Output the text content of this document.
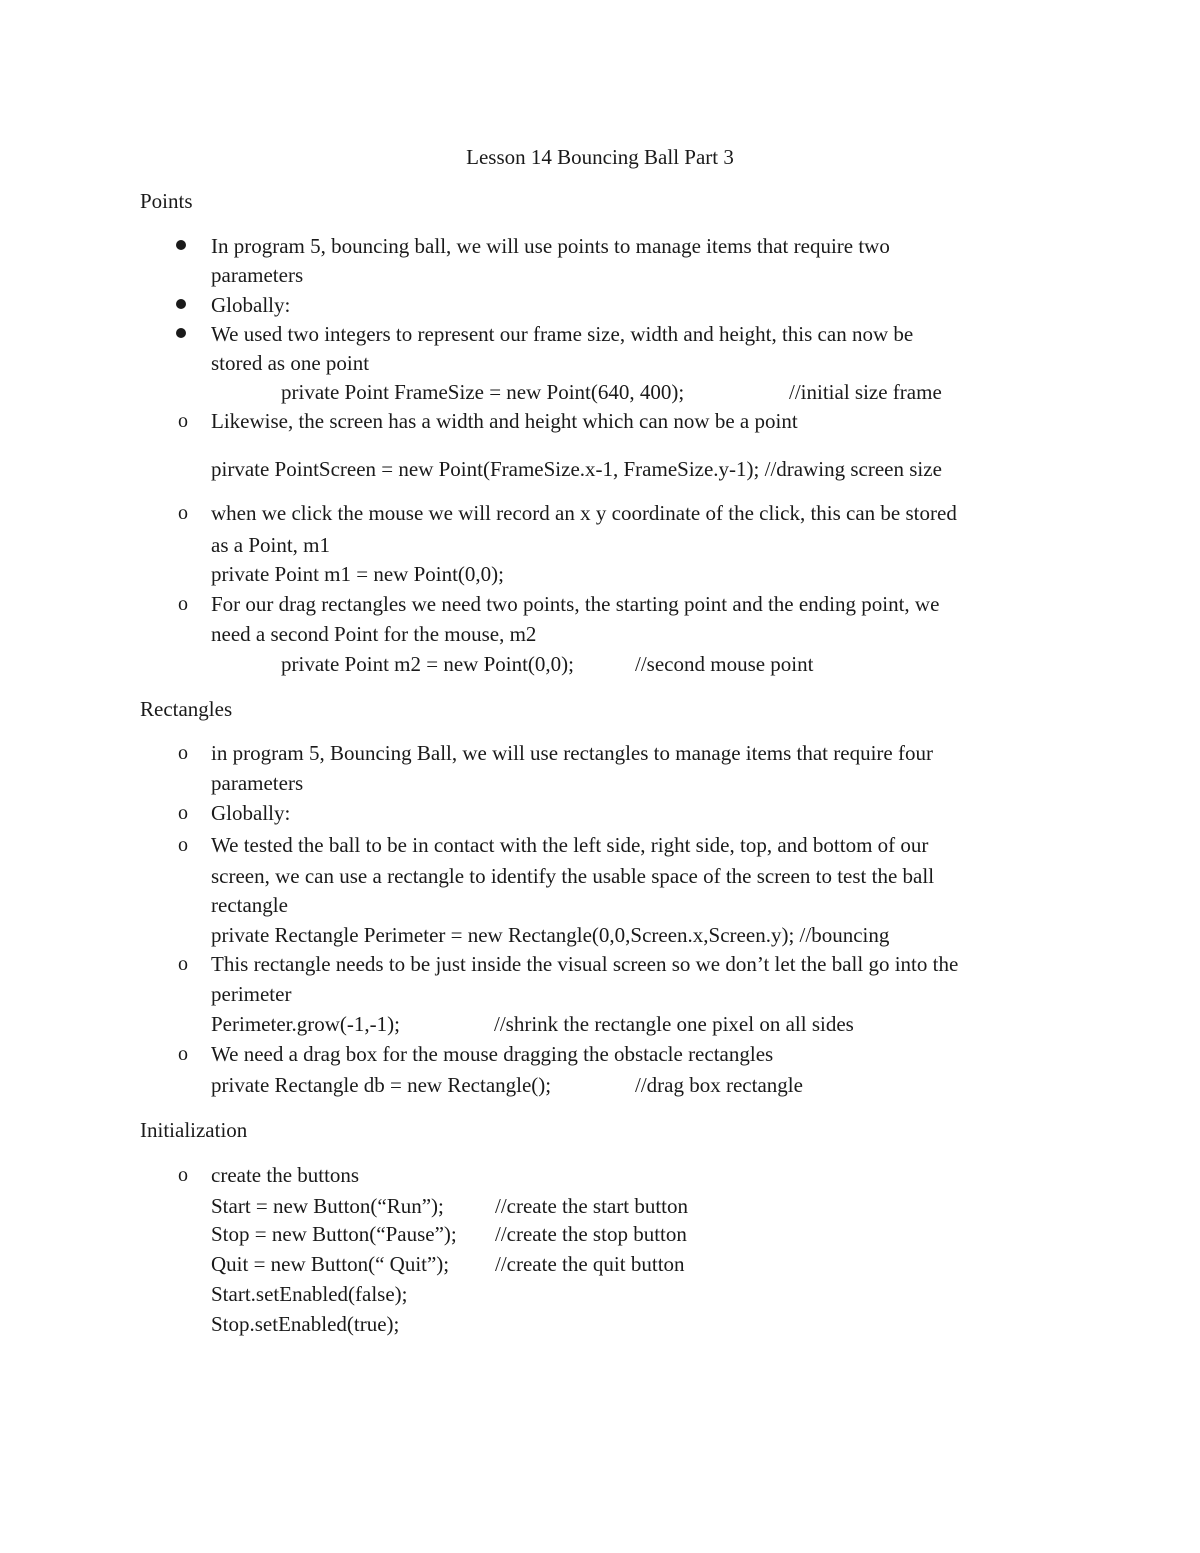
Lesson 14 Bouncing Ball Part 3
Points
In program 5, bouncing ball, we will use points to manage items that require two
parameters
Globally:
We used two integers to represent our frame size, width and height, this can now be
stored as one point
private Point FrameSize = new Point(640, 400);	//initial size frame
o Likewise, the screen has a width and height which can now be a point
pirvate PointScreen = new Point(FrameSize.x-1, FrameSize.y-1); //drawing screen size
o when we click the mouse we will record an x y coordinate of the click, this can be stored
as a Point, m1
private Point m1 = new Point(0,0);
o For our drag rectangles we need two points, the starting point and the ending point, we
need a second Point for the mouse, m2
private Point m2 = new Point(0,0);	//second mouse point
Rectangles
o in program 5, Bouncing Ball, we will use rectangles to manage items that require four
parameters
o Globally:
o We tested the ball to be in contact with the left side, right side, top, and bottom of our
screen, we can use a rectangle to identify the usable space of the screen to test the ball
rectangle
private Rectangle Perimeter = new Rectangle(0,0,Screen.x,Screen.y); //bouncing
o This rectangle needs to be just inside the visual screen so we don’t let the ball go into the
perimeter
Perimeter.grow(-1,-1);	//shrink the rectangle one pixel on all sides
o We need a drag box for the mouse dragging the obstacle rectangles
private Rectangle db = new Rectangle();	//drag box rectangle
Initialization
o create the buttons
Start = new Button(“Run”); //create the start button
Stop = new Button(“Pause”); //create the stop button
Quit = new Button(“ Quit”); //create the quit button
Start.setEnabled(false);
Stop.setEnabled(true);
